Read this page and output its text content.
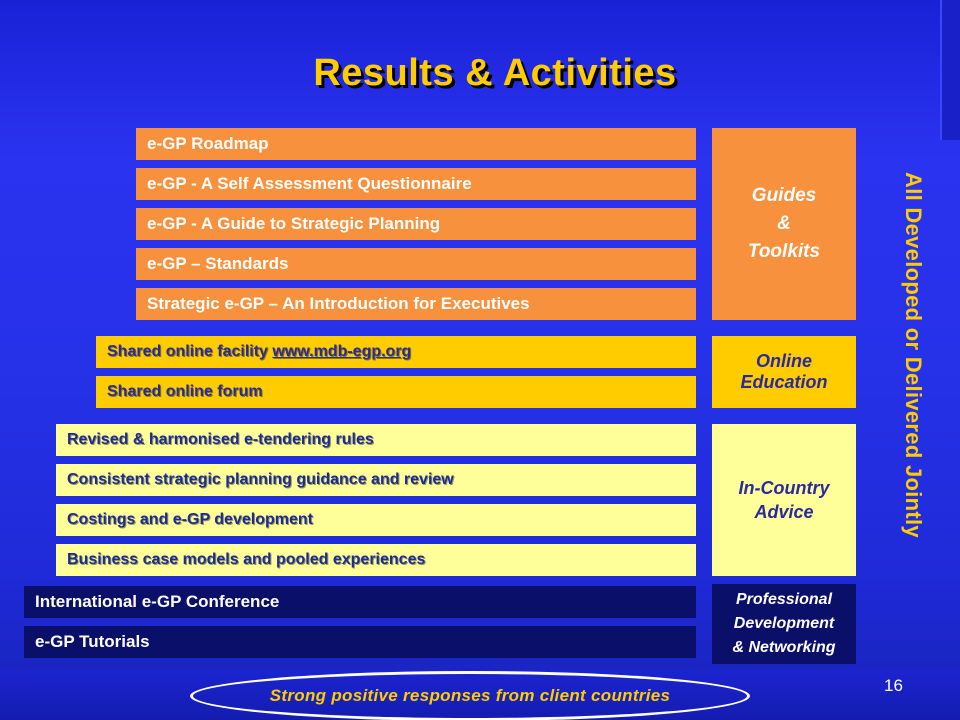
Results & Activities
e-GP Roadmap
e-GP - A Self Assessment Questionnaire
e-GP - A Guide to Strategic Planning
e-GP – Standards
Strategic e-GP – An Introduction for Executives
Guides
&
Toolkits
Shared online facility www.mdb-egp.org
Shared online forum
Online
Education
Revised & harmonised e-tendering rules
Consistent strategic planning guidance and review
Costings and e-GP development
Business case models and pooled experiences
In-Country
Advice
International e-GP Conference
e-GP Tutorials
Professional
Development
& Networking
All Developed or Delivered Jointly
Strong positive responses from client countries
16
